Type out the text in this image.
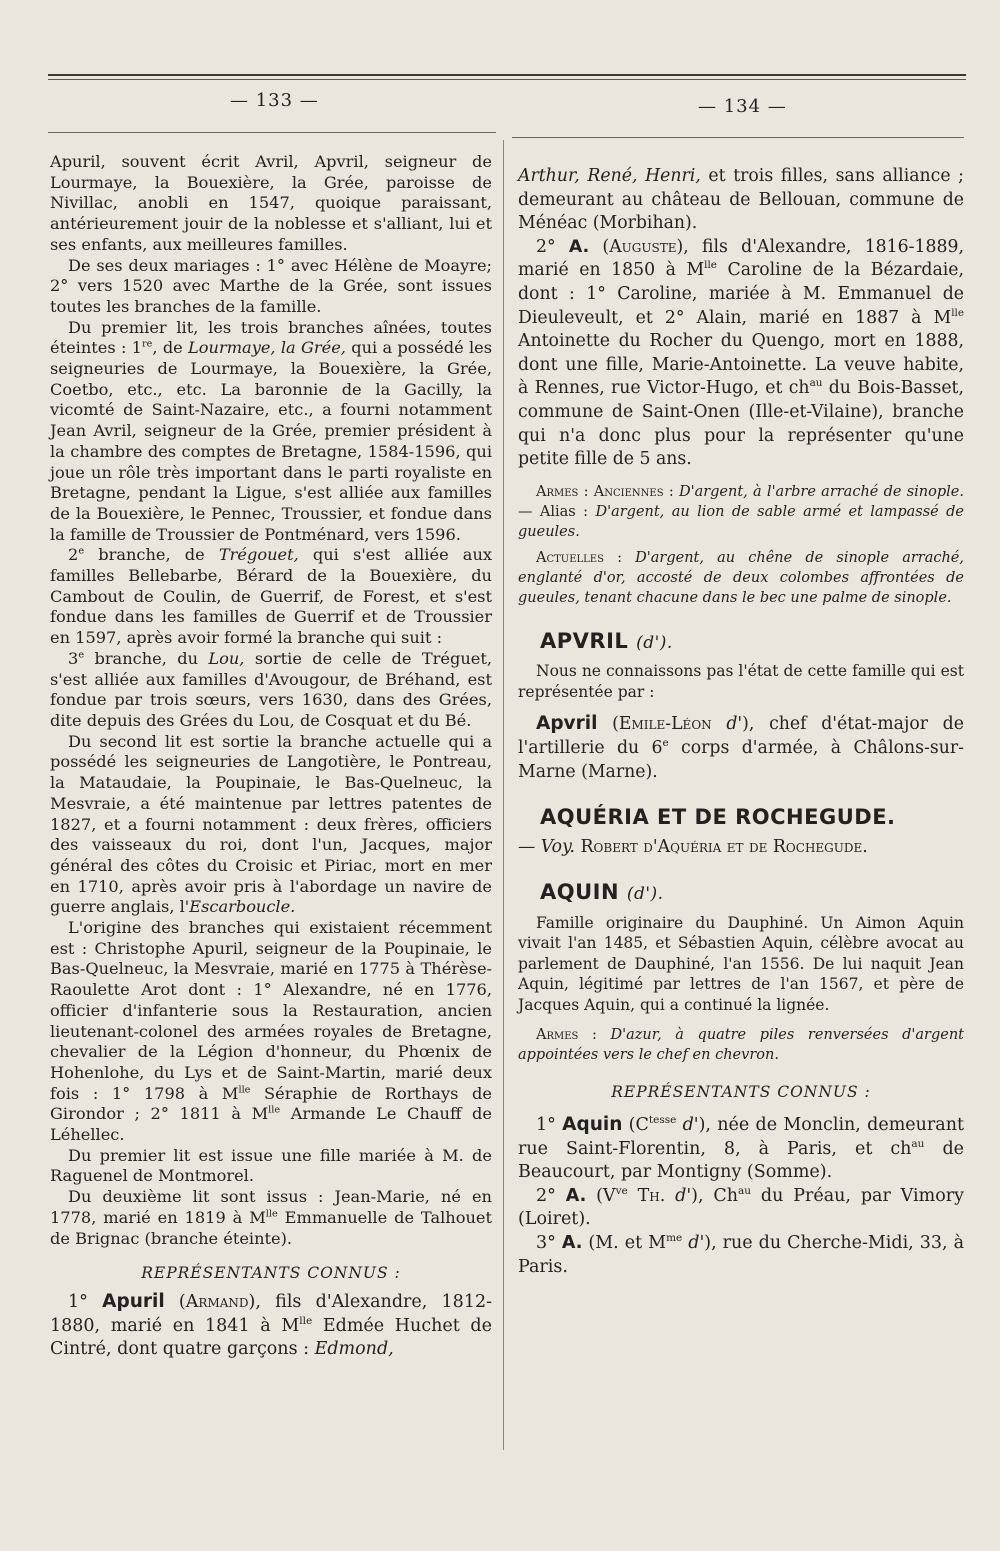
— 133 —	— 134 —

Apuril, souvent écrit Avril, Apvril, seigneur de Lourmaye, la Bouexière, la Grée, paroisse de Nivillac, anobli en 1547, quoique paraissant, antérieurement jouir de la noblesse et s'alliant, lui et ses enfants, aux meilleures familles.

De ses deux mariages : 1° avec Hélène de Moayre; 2° vers 1520 avec Marthe de la Grée, sont issues toutes les branches de la famille.

Du premier lit, les trois branches aînées, toutes éteintes : 1re, de Lourmaye, la Grée, qui a possédé les seigneuries de Lourmaye, la Bouexière, la Grée, Coetbo, etc., etc. La baronnie de la Gacilly, la vicomté de Saint-Nazaire, etc., a fourni notamment Jean Avril, seigneur de la Grée, premier président à la chambre des comptes de Bretagne, 1584-1596, qui joue un rôle très important dans le parti royaliste en Bretagne, pendant la Ligue, s'est alliée aux familles de la Bouexière, le Pennec, Troussier, et fondue dans la famille de Troussier de Pontménard, vers 1596.

2e branche, de Trégouet, qui s'est alliée aux familles Bellebarbe, Bérard de la Bouexière, du Cambout de Coulin, de Guerrif, de Forest, et s'est fondue dans les familles de Guerrif et de Troussier en 1597, après avoir formé la branche qui suit :

3e branche, du Lou, sortie de celle de Tréguet, s'est alliée aux familles d'Avougour, de Bréhand, est fondue par trois sœurs, vers 1630, dans des Grées, dite depuis des Grées du Lou, de Cosquat et du Bé.

Du second lit est sortie la branche actuelle qui a possédé les seigneuries de Langotière, le Pontreau, la Mataudaie, la Poupinaie, le Bas-Quelneuc, la Mesvraie, a été maintenue par lettres patentes de 1827, et a fourni notamment : deux frères, officiers des vaisseaux du roi, dont l'un, Jacques, major général des côtes du Croisic et Piriac, mort en mer en 1710, après avoir pris à l'abordage un navire de guerre anglais, l'Escarboucle.

L'origine des branches qui existaient récemment est : Christophe Apuril, seigneur de la Poupinaie, le Bas-Quelneuc, la Mesvraie, marié en 1775 à Thérèse-Raoulette Arot dont : 1° Alexandre, né en 1776, officier d'infanterie sous la Restauration, ancien lieutenant-colonel des armées royales de Bretagne, chevalier de la Légion d'honneur, du Phœnix de Hohenlohe, du Lys et de Saint-Martin, marié deux fois : 1° 1798 à $M^{lle}$ Séraphie de Rorthays de Girondor ; 2° 1811 à $M^{lle}$ Armande Le Chauff de Léhellec.

Du premier lit est issue une fille mariée à M. de Raguenel de Montmorel.

Du deuxième lit sont issus : Jean-Marie, né en 1778, marié en 1819 à $M^{lle}$ Emmanuelle de Talhouet de Brignac (branche éteinte).

REPRÉSENTANTS CONNUS :

1° Apuril (Armand), fils d'Alexandre, 1812-1880, marié en 1841 à $M^{lle}$ Edmée Huchet de Cintré, dont quatre garçons : Edmond,

Arthur, René, Henri, et trois filles, sans alliance ; demeurant au château de Bellouan, commune de Ménéac (Morbihan).

2° A. (Auguste), fils d'Alexandre, 1816-1889, marié en 1850 à $M^{lle}$ Caroline de la Bézardaie, dont : 1° Caroline, mariée à M. Emmanuel de Dieuleveult, et 2° Alain, marié en 1887 à $M^{lle}$ Antoinette du Rocher du Quengo, mort en 1888, dont une fille, Marie-Antoinette. La veuve habite, à Rennes, rue Victor-Hugo, et $ch^{au}$ du Bois-Basset, commune de Saint-Onen (Ille-et-Vilaine), branche qui n'a donc plus pour la représenter qu'une petite fille de 5 ans.

Armes : Anciennes : D'argent, à l'arbre arraché de sinople. — Alias : D'argent, au lion de sable armé et lampassé de gueules.

Actuelles : D'argent, au chêne de sinople arraché, englanté d'or, accosté de deux colombes affrontées de gueules, tenant chacune dans le bec une palme de sinople.

APVRIL (d').

Nous ne connaissons pas l'état de cette famille qui est représentée par :

Apvril (Emile-Léon d'), chef d'état-major de l'artillerie du 6e corps d'armée, à Châlons-sur-Marne (Marne).

AQUÉRIA ET DE ROCHEGUDE.

— Voy. Robert d'Aquéria et de Rochegude.

AQUIN (d').

Famille originaire du Dauphiné. Un Aimon Aquin vivait l'an 1485, et Sébastien Aquin, célèbre avocat au parlement de Dauphiné, l'an 1556. De lui naquit Jean Aquin, légitimé par lettres de l'an 1567, et père de Jacques Aquin, qui a continué la lignée.

Armes : D'azur, à quatre piles renversées d'argent appointées vers le chef en chevron.

REPRÉSENTANTS CONNUS :

1° Aquin ($C^{tesse}$ d'), née de Monclin, demeurant rue Saint-Florentin, 8, à Paris, et $ch^{au}$ de Beaucourt, par Montigny (Somme).

2° A. ($V^{ve}$ Th. d'), $Ch^{au}$ du Préau, par Vimory (Loiret).

3° A. (M. et $M^{me}$ d'), rue du Cherche-Midi, 33, à Paris.
